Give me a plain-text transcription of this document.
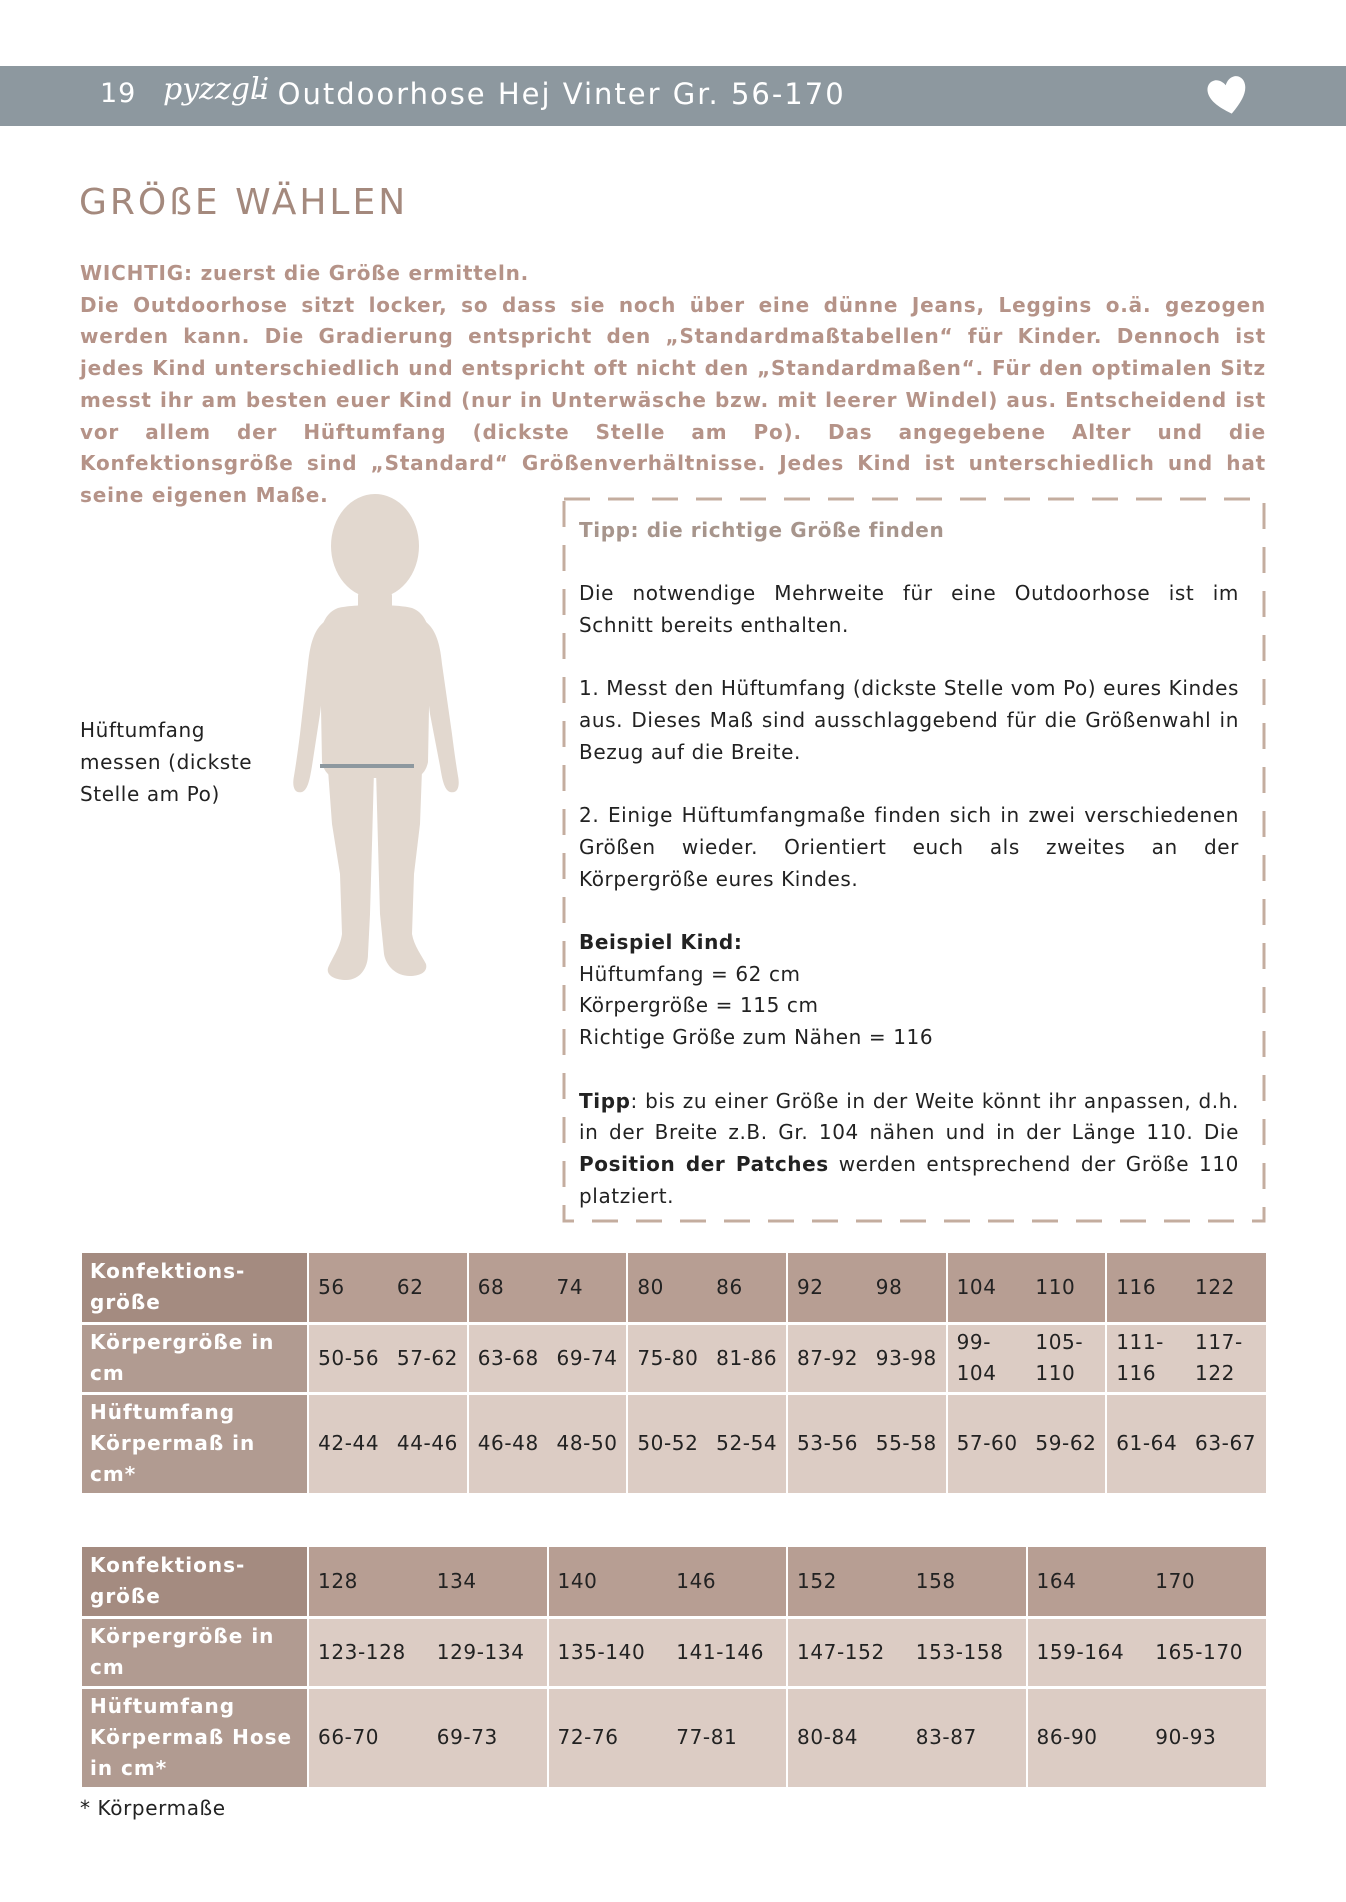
19 pyzzgli
- Outdoorhose Hej Vinter Gr. 56-170
GRÖßE WÄHLEN

WICHTIG: zuerst die Größe ermitteln.

Die Outdoorhose sitzt locker, so dass sie noch über eine dünne Jeans, Leggins o.ä. gezogen werden kann. Die Gradierung entspricht den „Standardmaßtabellen“ für Kinder. Dennoch ist jedes Kind unterschiedlich und entspricht oft nicht den „Standardmaßen“. Für den optimalen Sitz messt ihr am besten euer Kind (nur in Unterwäsche bzw. mit leerer Windel) aus. Entscheidend ist vor allem der Hüftumfang (dickste Stelle am Po). Das angegebene Alter und die Konfektionsgröße sind „Standard“ Größenverhältnisse. Jedes Kind ist unterschiedlich und hat seine eigenen Maße.

Hüftumfang messen (dickste Stelle am Po)

Tipp: die richtige Größe finden

Die notwendige Mehrweite für eine Outdoorhose ist im Schnitt bereits enthalten.

1. Messt den Hüftumfang (dickste Stelle vom Po) eures Kindes aus. Dieses Maß sind ausschlaggebend für die Größenwahl in Bezug auf die Breite.

2. Einige Hüftumfangmaße finden sich in zwei verschiedenen Größen wieder. Orientiert euch als zweites an der Körpergröße eures Kindes.

Beispiel Kind:

Hüftumfang = 62 cm

Körpergröße = 115 cm

Richtige Größe zum Nähen = 116

Tipp: bis zu einer Größe in der Weite könnt ihr anpassen, d.h. in der Breite z.B. Gr. 104 nähen und in der Länge 110. Die Position der Patches werden entsprechend der Größe 110 platziert.

Konfektions-größe	56	62	68	74	80	86	92	98	104	110	116	122
Körpergröße in cm	50-56	57-62	63-68	69-74	75-80	81-86	87-92	93-98	99-104	105-110	111-116	117-122
Hüftumfang Körpermaß in cm*	42-44	44-46	46-48	48-50	50-52	52-54	53-56	55-58	57-60	59-62	61-64	63-67
Konfektions-größe	128	134	140	146	152	158	164	170
Körpergröße in cm	123-128	129-134	135-140	141-146	147-152	153-158	159-164	165-170
Hüftumfang Körpermaß Hose in cm*	66-70	69-73	72-76	77-81	80-84	83-87	86-90	90-93
* Körpermaße
